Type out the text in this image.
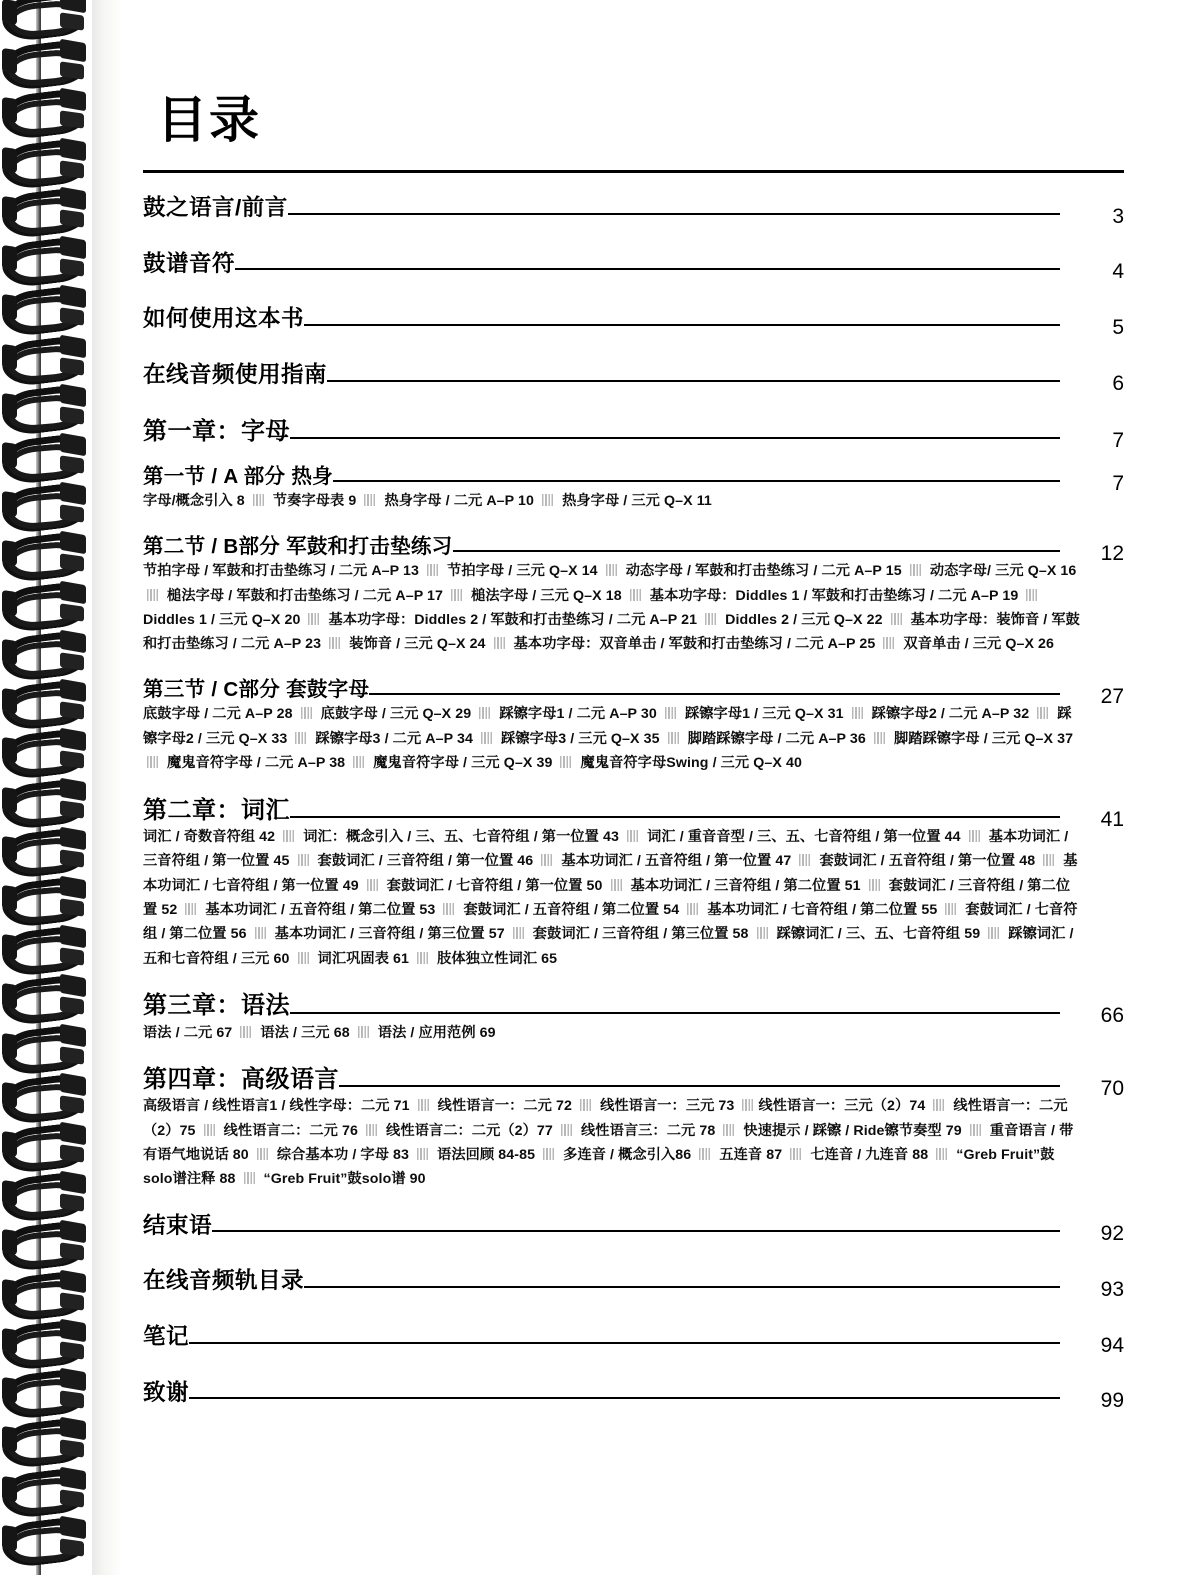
目录
鼓之语言/前言	3
鼓谱音符	4
如何使用这本书	5
在线音频使用指南	6
第一章：字母	7
第一节 / A 部分 热身	7
字母/概念引入 8  节奏字母表 9  热身字母 / 二元 A–P 10  热身字母 / 三元 Q–X 11
第二节 / B部分 军鼓和打击垫练习	12
节拍字母 / 军鼓和打击垫练习 / 二元 A–P 13  节拍字母 / 三元 Q–X 14  动态字母 / 军鼓和打击垫练习 / 二元 A–P 15  动态字母/ 三元 Q–X 16  槌法字母 / 军鼓和打击垫练习 / 二元 A–P 17  槌法字母 / 三元 Q–X 18  基本功字母：Diddles 1 / 军鼓和打击垫练习 / 二元 A–P 19  Diddles 1 / 三元 Q–X 20  基本功字母：Diddles 2 / 军鼓和打击垫练习 / 二元 A–P 21  Diddles 2 / 三元 Q–X 22  基本功字母：装饰音 / 军鼓和打击垫练习 / 二元 A–P 23  装饰音 / 三元 Q–X 24  基本功字母：双音单击 / 军鼓和打击垫练习 / 二元 A–P 25  双音单击 / 三元 Q–X 26
第三节 / C部分 套鼓字母	27
底鼓字母 / 二元 A–P 28  底鼓字母 / 三元 Q–X 29  踩镲字母1 / 二元 A–P 30  踩镲字母1 / 三元 Q–X 31  踩镲字母2 / 二元 A–P 32  踩镲字母2 / 三元 Q–X 33  踩镲字母3 / 二元 A–P 34  踩镲字母3 / 三元 Q–X 35  脚踏踩镲字母 / 二元 A–P 36  脚踏踩镲字母 / 三元 Q–X 37  魔鬼音符字母 / 二元 A–P 38  魔鬼音符字母 / 三元 Q–X 39  魔鬼音符字母Swing / 三元 Q–X 40
第二章：词汇	41
词汇 / 奇数音符组 42  词汇：概念引入 / 三、五、七音符组 / 第一位置 43  词汇 / 重音音型 / 三、五、七音符组 / 第一位置 44  基本功词汇 / 三音符组 / 第一位置 45  套鼓词汇 / 三音符组 / 第一位置 46  基本功词汇 / 五音符组 / 第一位置 47  套鼓词汇 / 五音符组 / 第一位置 48  基本功词汇 / 七音符组 / 第一位置 49  套鼓词汇 / 七音符组 / 第一位置 50  基本功词汇 / 三音符组 / 第二位置 51  套鼓词汇 / 三音符组 / 第二位置 52  基本功词汇 / 五音符组 / 第二位置 53  套鼓词汇 / 五音符组 / 第二位置 54  基本功词汇 / 七音符组 / 第二位置 55  套鼓词汇 / 七音符组 / 第二位置 56  基本功词汇 / 三音符组 / 第三位置 57  套鼓词汇 / 三音符组 / 第三位置 58  踩镲词汇 / 三、五、七音符组 59  踩镲词汇 / 五和七音符组 / 三元 60  词汇巩固表 61  肢体独立性词汇 65
第三章：语法	66
语法 / 二元 67  语法 / 三元 68  语法 / 应用范例 69
第四章：高级语言	70
高级语言 / 线性语言1 / 线性字母：二元 71  线性语言一：二元 72  线性语言一：三元 73 线性语言一：三元（2）74  线性语言一：二元（2）75  线性语言二：二元 76  线性语言二：二元（2）77  线性语言三：二元 78  快速提示 / 踩镲 / Ride镲节奏型 79  重音语言 / 带有语气地说话 80  综合基本功 / 字母 83  语法回顾 84-85  多连音 / 概念引入86  五连音 87  七连音 / 九连音 88  “Greb Fruit”鼓solo谱注释 88  “Greb Fruit”鼓solo谱 90
结束语	92
在线音频轨目录	93
笔记	94
致谢	99
